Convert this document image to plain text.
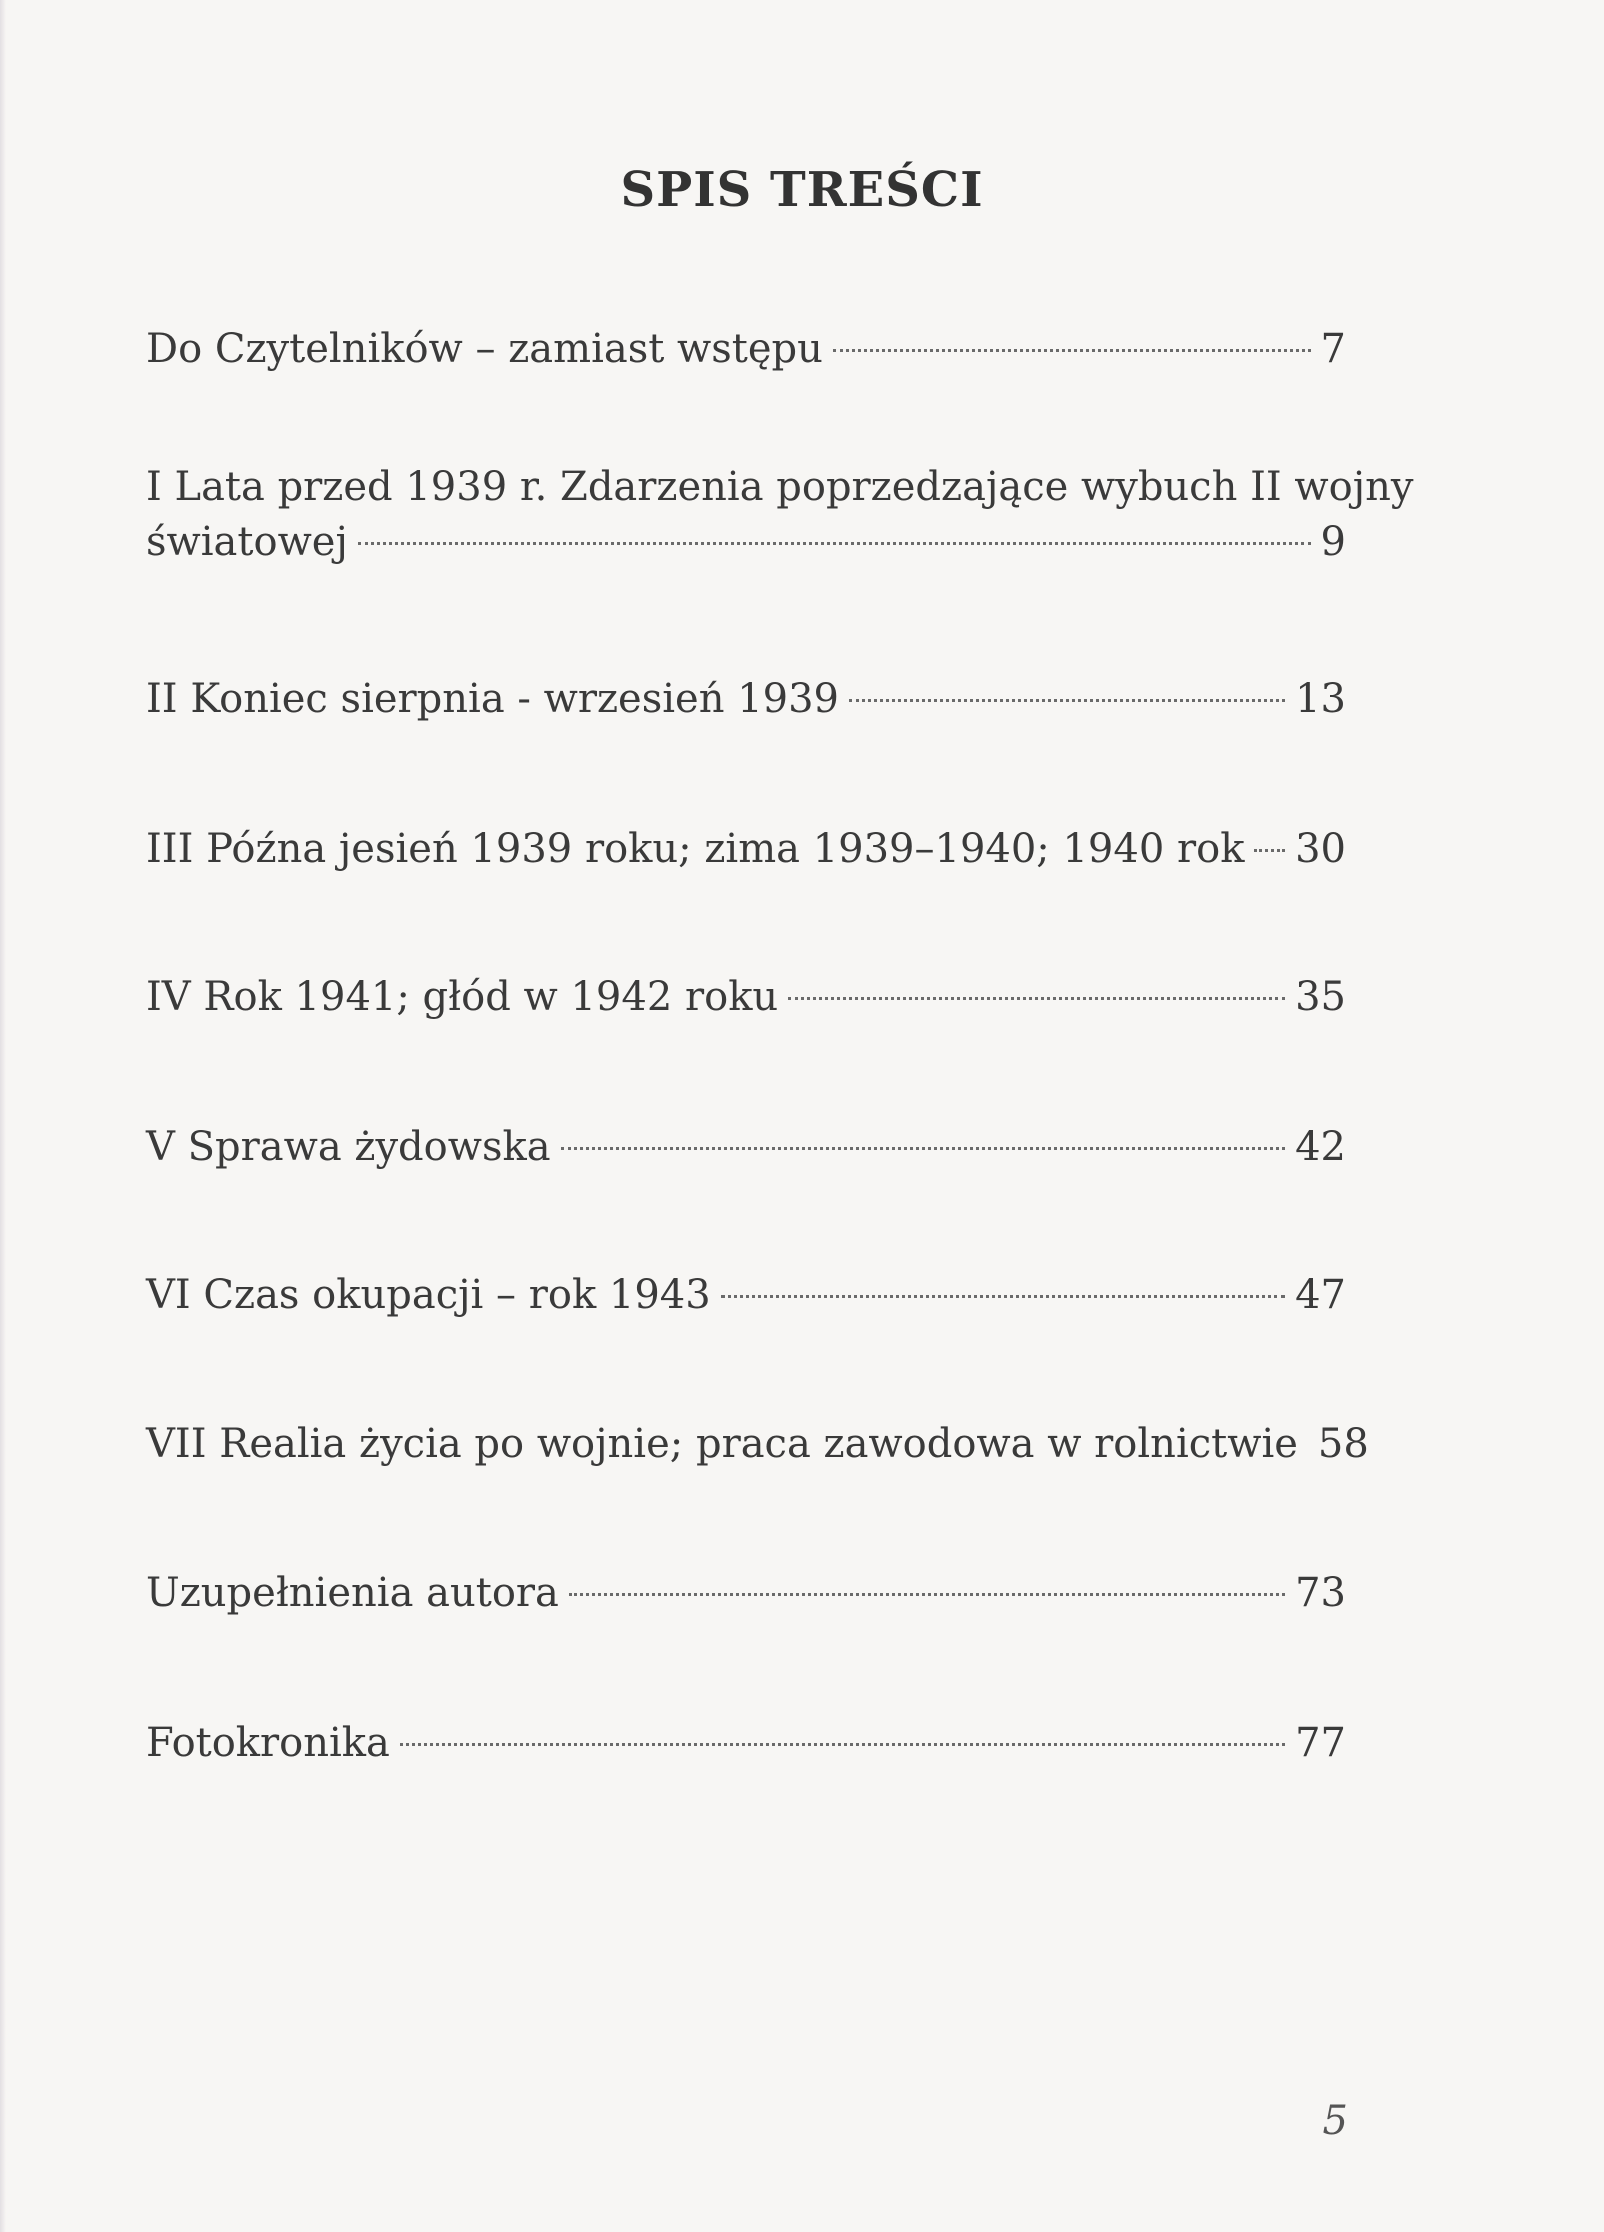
SPIS TREŚCI
Do Czytelników – zamiast wstępu	7
I Lata przed 1939 r. Zdarzenia poprzedzające wybuch II wojny
światowej	9
II Koniec sierpnia - wrzesień 1939	13
III Późna jesień 1939 roku; zima 1939–1940; 1940 rok 30
IV Rok 1941; głód w 1942 roku	35
V Sprawa żydowska	42
VI Czas okupacji – rok 1943	47
VII Realia życia po wojnie; praca zawodowa w rolnictwie 58
Uzupełnienia autora	73
Fotokronika	77
5
